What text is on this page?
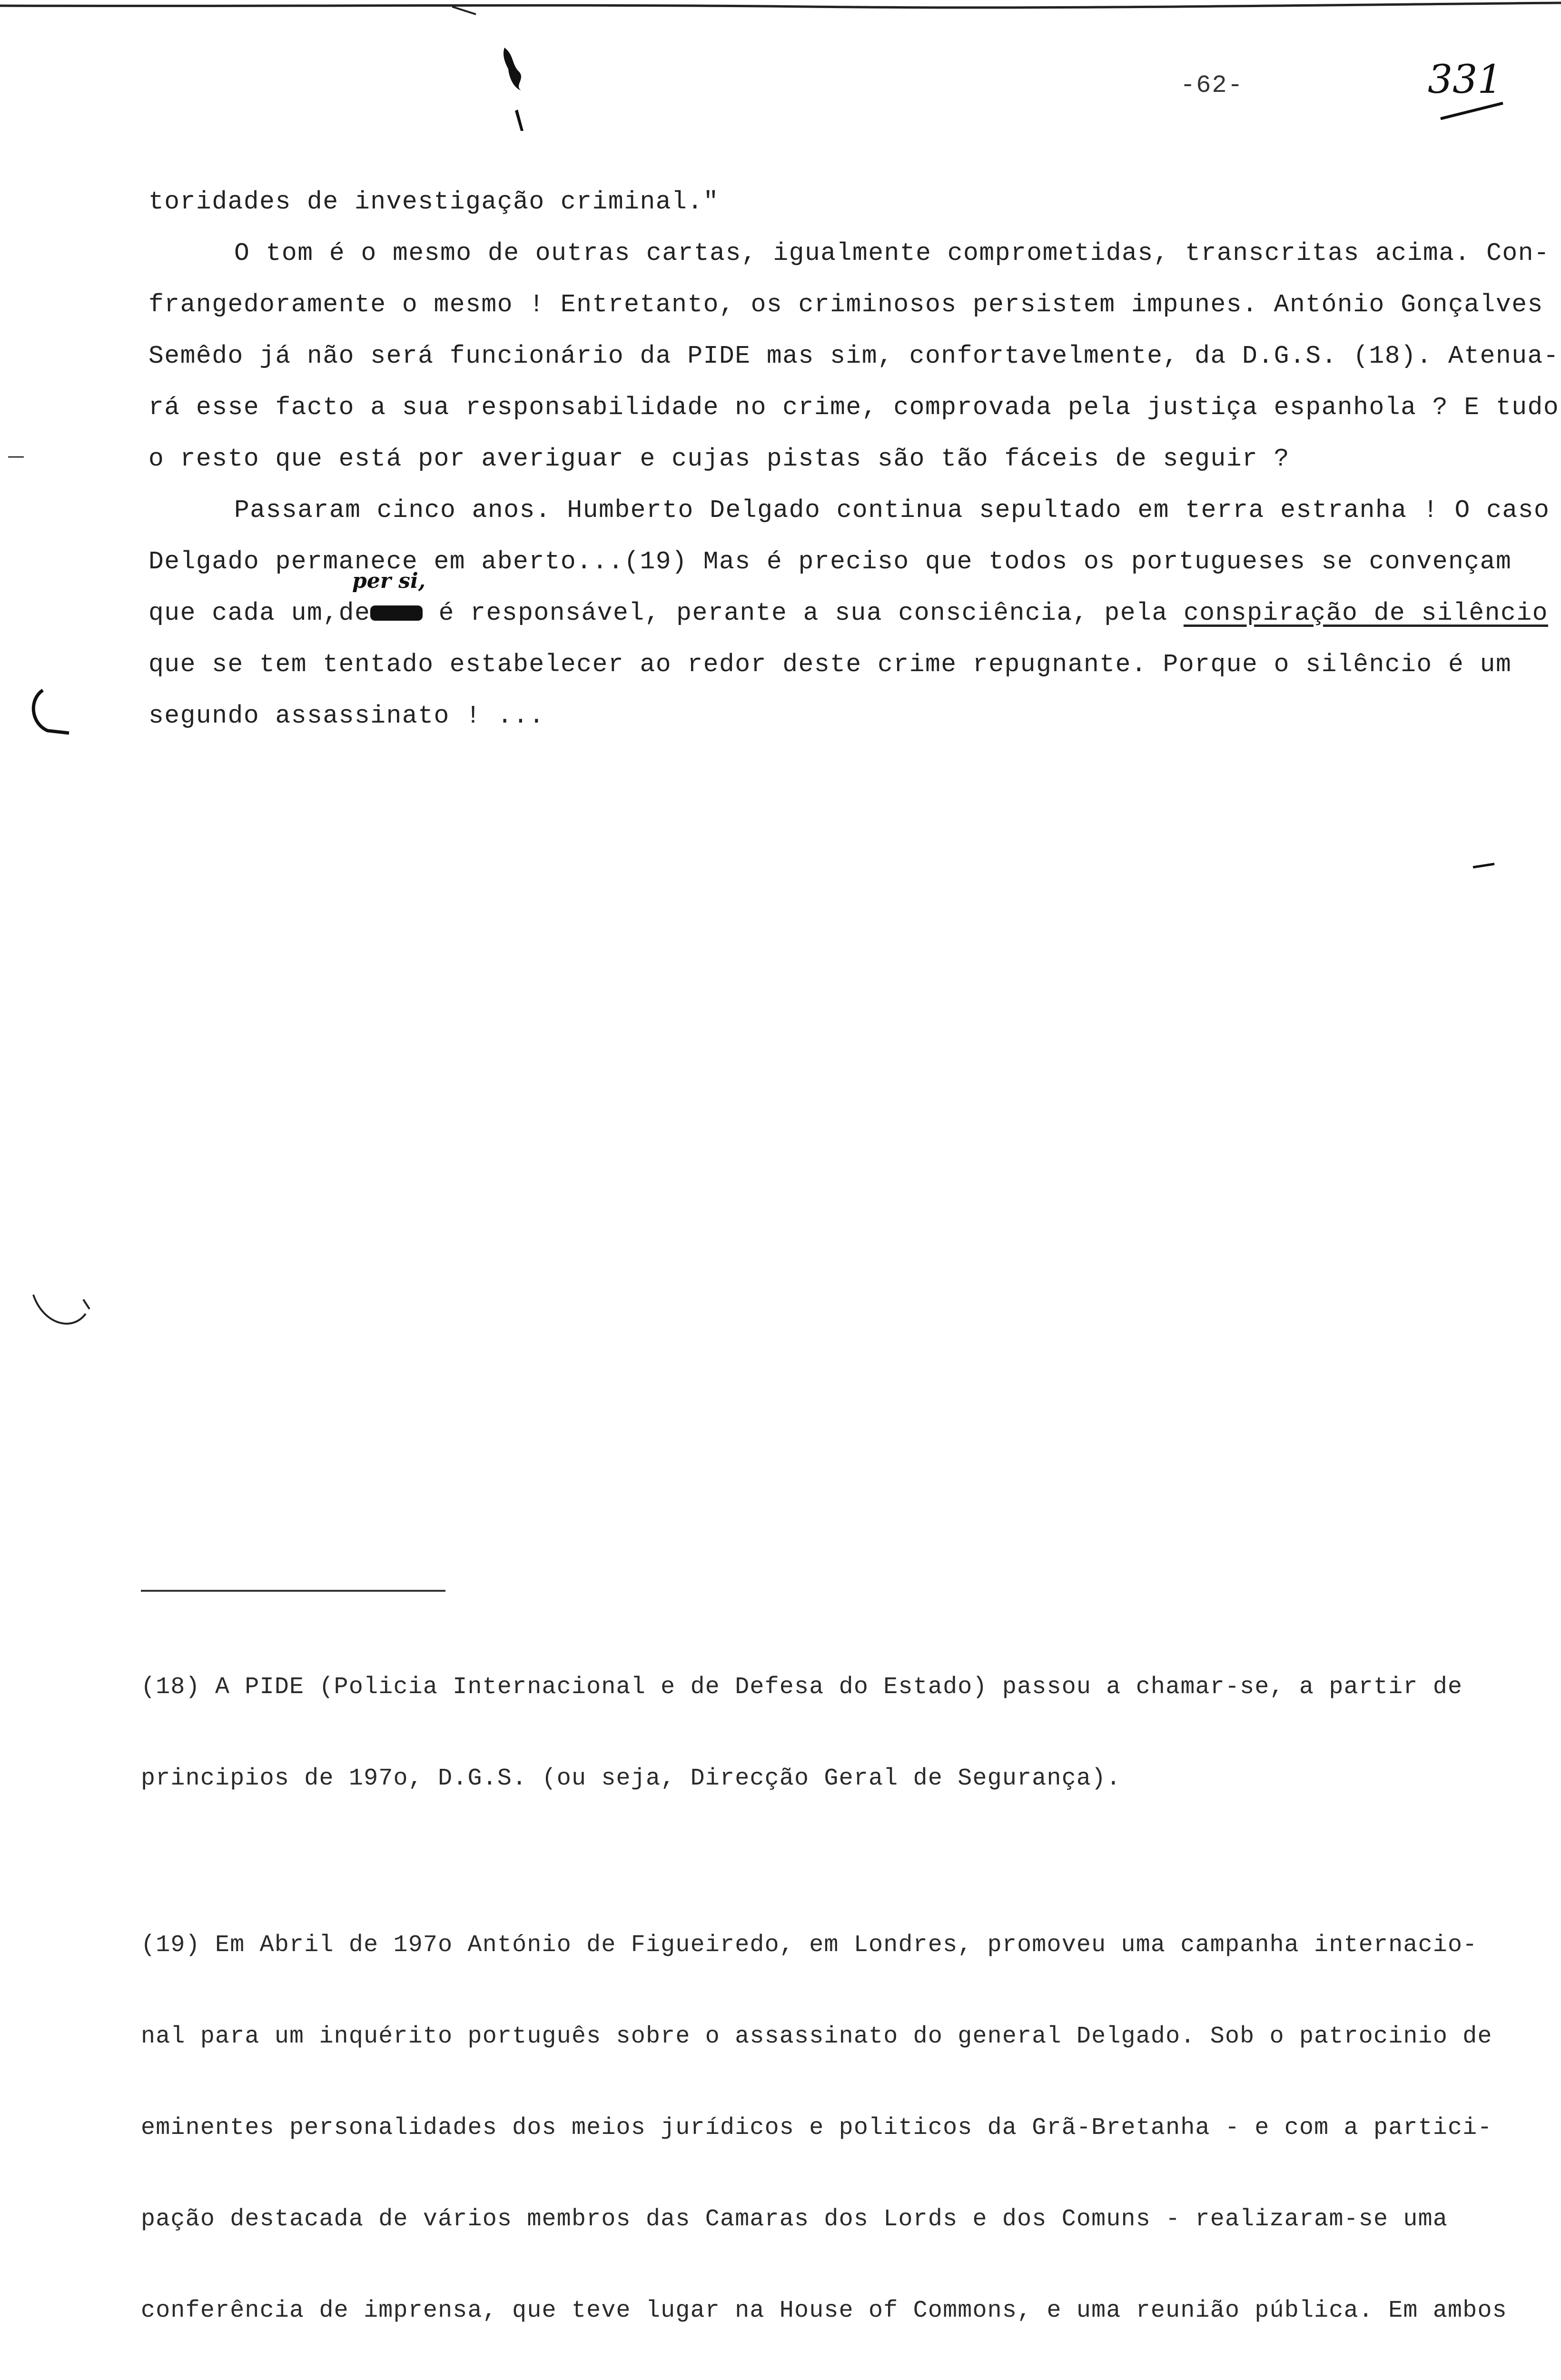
-62-	331

toridades de investigação criminal."

O tom é o mesmo de outras cartas, igualmente comprometidas, transcritas acima. Con-

frangedoramente o mesmo ! Entretanto, os criminosos persistem impunes. António Gonçalves

Semêdo já não será funcionário da PIDE mas sim, confortavelmente, da D.G.S. (18). Atenua-

rá esse facto a sua responsabilidade no crime, comprovada pela justiça espanhola ? E tudo

o resto que está por averiguar e cujas pistas são tão fáceis de seguir ?

Passaram cinco anos. Humberto Delgado continua sepultado em terra estranha ! O caso

Delgado permanece em aberto...(19) Mas é preciso que todos os portugueses se convençam

que cada um,de é responsável, perante a sua consciência, pela conspiração de silêncio

que se tem tentado estabelecer ao redor deste crime repugnante. Porque o silêncio é um

segundo assassinato ! ...

per si,

(18) A PIDE (Policia Internacional e de Defesa do Estado) passou a chamar-se, a partir de

principios de 197o, D.G.S. (ou seja, Direcção Geral de Segurança).

(19) Em Abril de 197o António de Figueiredo, em Londres, promoveu uma campanha internacio-

nal para um inquérito português sobre o assassinato do general Delgado. Sob o patrocinio de

eminentes personalidades dos meios jurídicos e politicos da Grã-Bretanha - e com a partici-

pação destacada de vários membros das Camaras dos Lords e dos Comuns - realizaram-se uma

conferência de imprensa, que teve lugar na House of Commons, e uma reunião pública. Em ambos
